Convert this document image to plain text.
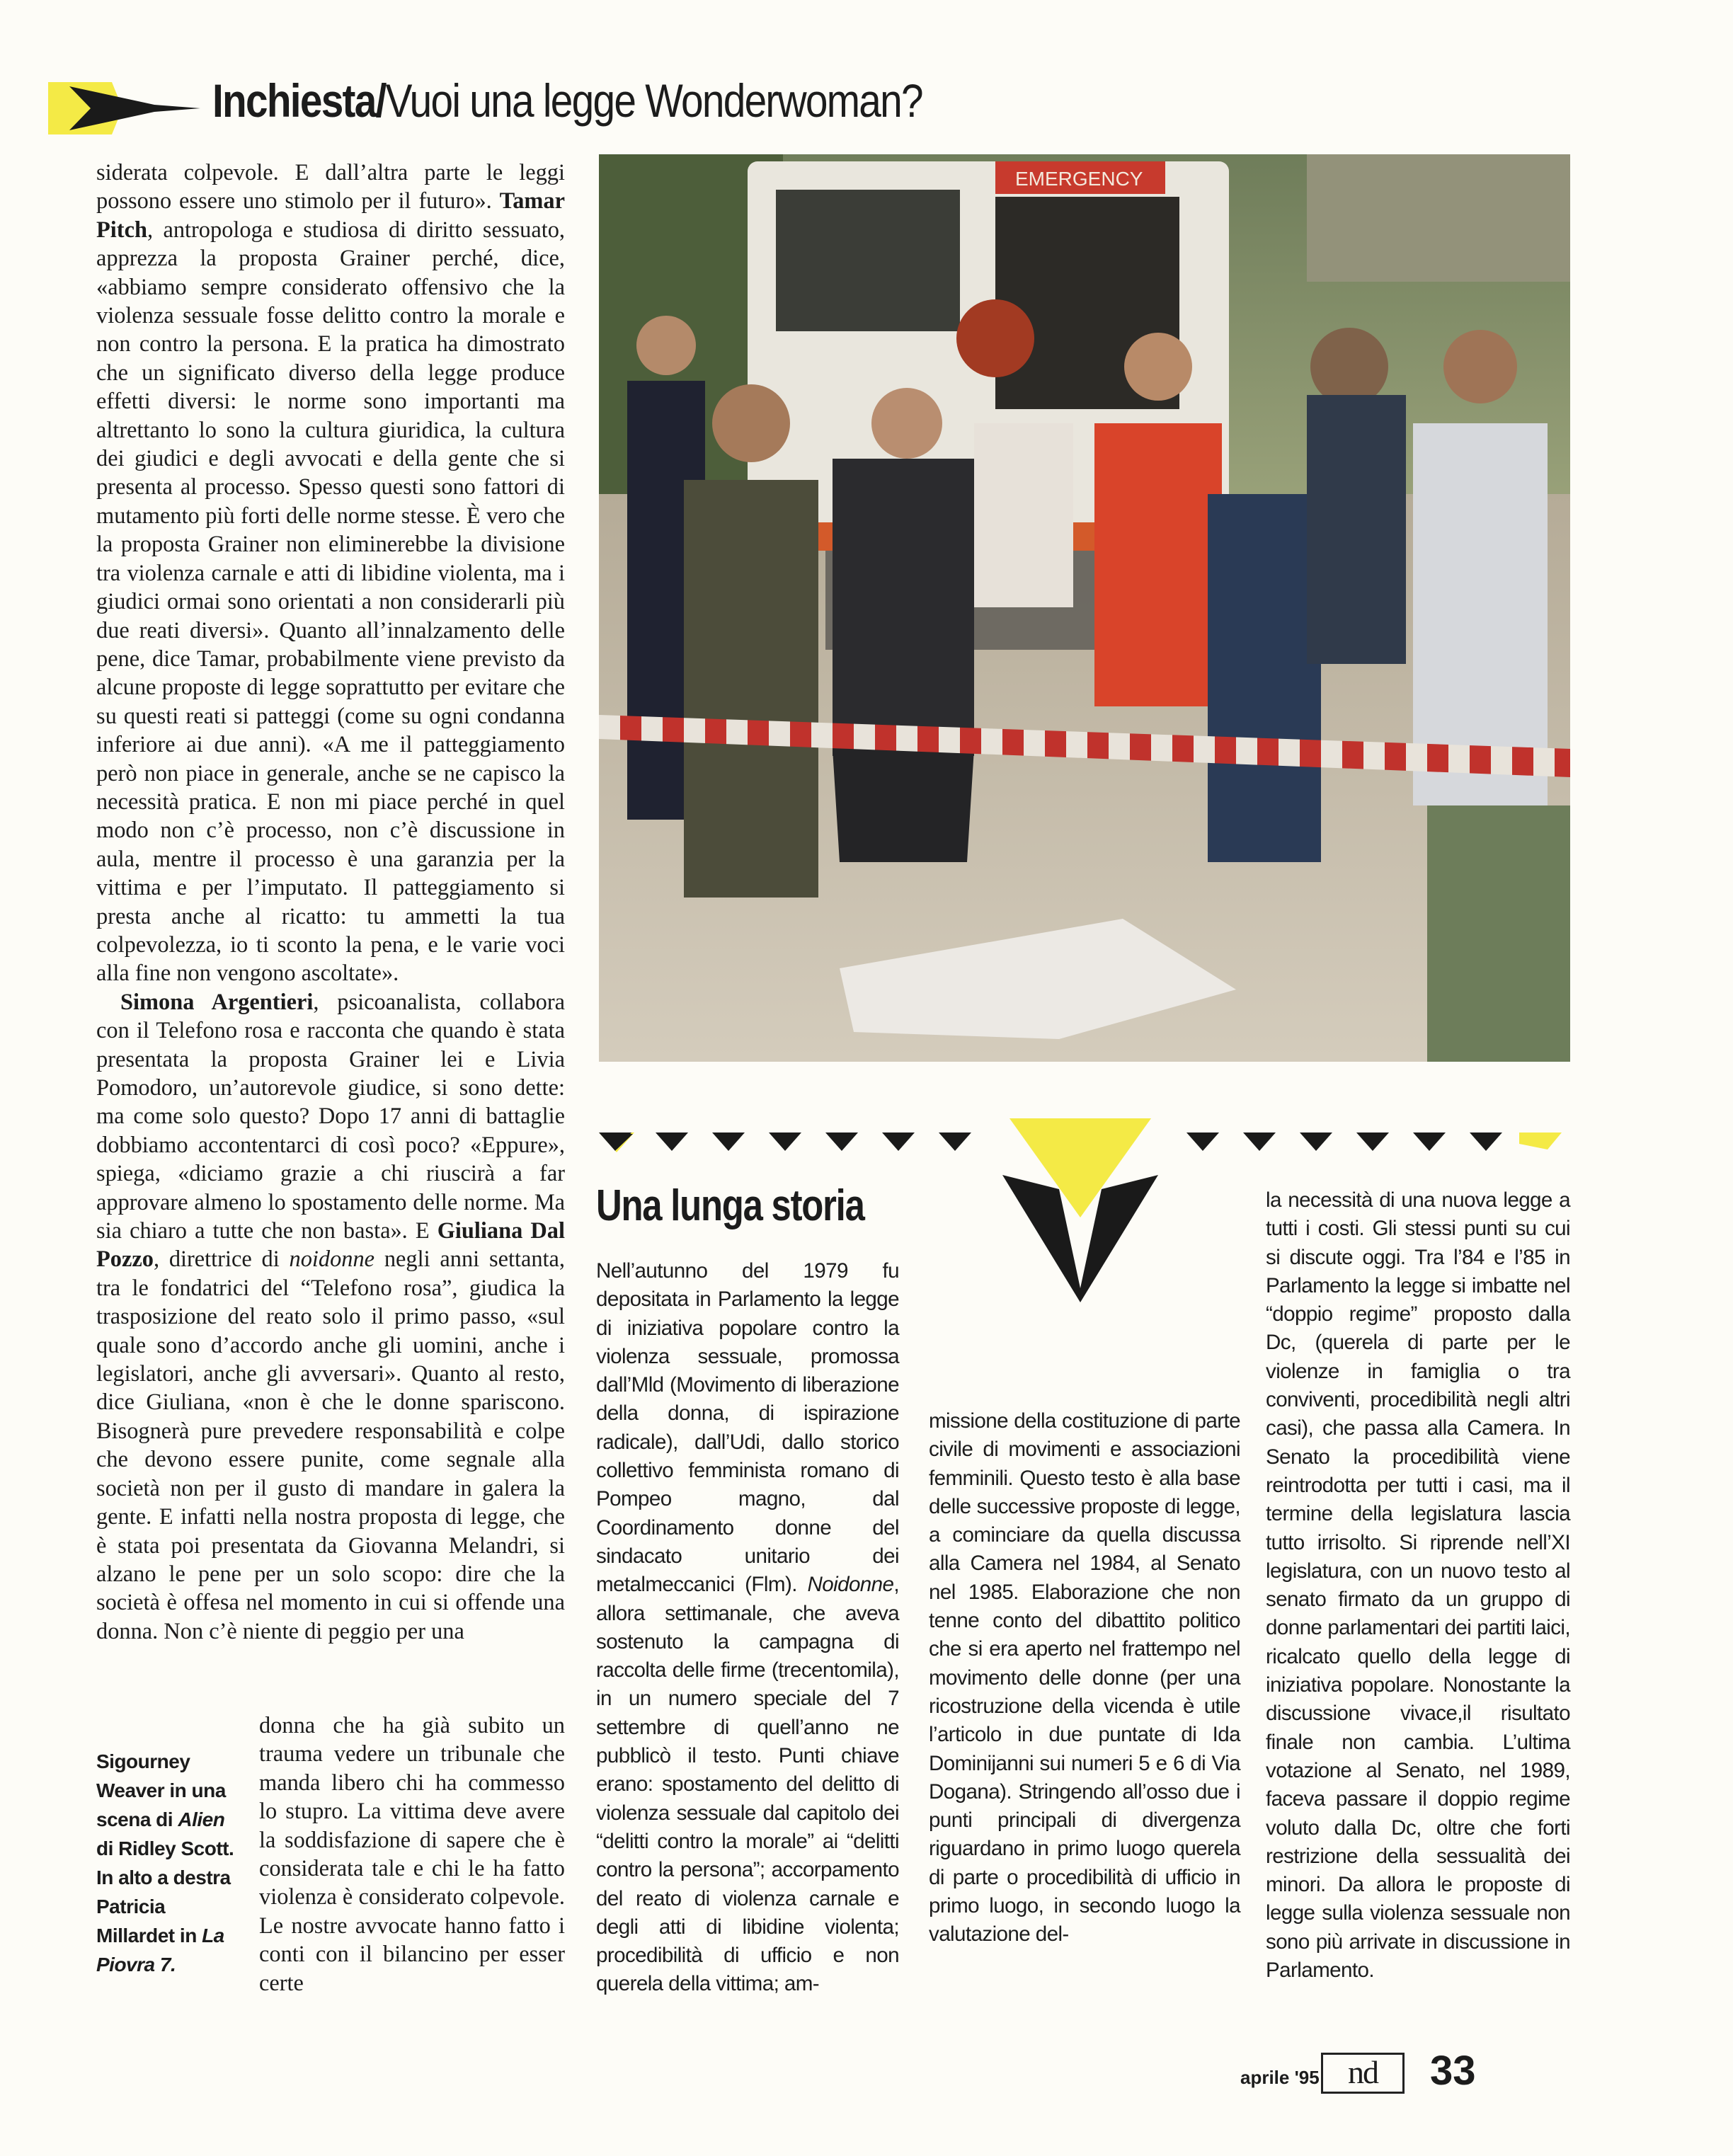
Inchiesta/Vuoi una legge Wonderwoman?

siderata colpevole. E dall’altra parte le leggi possono essere uno stimolo per il futuro». Tamar Pitch, antropologa e studiosa di diritto sessuato, apprezza la proposta Grainer perché, dice, «abbiamo sempre considerato offensivo che la violenza sessuale fosse delitto contro la morale e non contro la persona. E la pratica ha dimostrato che un significato diverso della legge produce effetti diversi: le norme sono importanti ma altrettanto lo sono la cultura giuridica, la cultura dei giudici e degli avvocati e della gente che si presenta al processo. Spesso questi sono fattori di mutamento più forti delle norme stesse. È vero che la proposta Grainer non eliminerebbe la divisione tra violenza carnale e atti di libidine violenta, ma i giudici ormai sono orientati a non considerarli più due reati diversi». Quanto all’innalzamento delle pene, dice Tamar, probabilmente viene previsto da alcune proposte di legge soprattutto per evitare che su questi reati si patteggi (come su ogni condanna inferiore ai due anni). «A me il patteggiamento però non piace in generale, anche se ne capisco la necessità pratica. E non mi piace perché in quel modo non c’è processo, non c’è discussione in aula, mentre il processo è una garanzia per la vittima e per l’imputato. Il patteggiamento si presta anche al ricatto: tu ammetti la tua colpevolezza, io ti sconto la pena, e le varie voci alla fine non vengono ascoltate».

Simona Argentieri, psicoanalista, collabora con il Telefono rosa e racconta che quando è stata presentata la proposta Grainer lei e Livia Pomodoro, un’autorevole giudice, si sono dette: ma come solo questo? Dopo 17 anni di battaglie dobbiamo accontentarci di così poco? «Eppure», spiega, «diciamo grazie a chi riuscirà a far approvare almeno lo spostamento delle norme. Ma sia chiaro a tutte che non basta». E Giuliana Dal Pozzo, direttrice di noidonne negli anni settanta, tra le fondatrici del “Telefono rosa”, giudica la trasposizione del reato solo il primo passo, «sul quale sono d’accordo anche gli uomini, anche i legislatori, anche gli avversari». Quanto al resto, dice Giuliana, «non è che le donne spariscono. Bisognerà pure prevedere responsabilità e colpe che devono essere punite, come segnale alla società non per il gusto di mandare in galera la gente. E infatti nella nostra proposta di legge, che è stata poi presentata da Giovanna Melandri, si alzano le pene per un solo scopo: dire che la società è offesa nel momento in cui si offende una donna. Non c’è niente di peggio per una

donna che ha già subito un trauma vedere un tribunale che manda libero chi ha commesso lo stupro. La vittima deve avere la soddisfazione di sapere che è considerata tale e chi le ha fatto violenza è considerato colpevole. Le nostre avvocate hanno fatto i conti con il bilancino per esser certe

Sigourney Weaver in una scena di Alien di Ridley Scott. In alto a destra Patricia Millardet in La Piovra 7.
EMERGENCY
Una lunga storia

Nell’autunno del 1979 fu depositata in Parlamento la legge di iniziativa popolare contro la violenza sessuale, promossa dall’Mld (Movimento di liberazione della donna, di ispirazione radicale), dall’Udi, dallo storico collettivo femminista romano di Pompeo magno, dal Coordinamento donne del sindacato unitario dei metalmeccanici (Flm). Noidonne, allora settimanale, che aveva sostenuto la campagna di raccolta delle firme (trecentomila), in un numero speciale del 7 settembre di quell’anno ne pubblicò il testo. Punti chiave erano: spostamento del delitto di violenza sessuale dal capitolo dei “delitti contro la morale” ai “delitti contro la persona”; accorpamento del reato di violenza carnale e degli atti di libidine violenta; procedibilità di ufficio e non querela della vittima; am-

missione della costituzione di parte civile di movimenti e associazioni femminili. Questo testo è alla base delle successive proposte di legge, a cominciare da quella discussa alla Camera nel 1984, al Senato nel 1985. Elaborazione che non tenne conto del dibattito politico che si era aperto nel frattempo nel movimento delle donne (per una ricostruzione della vicenda è utile l’articolo in due puntate di Ida Dominijanni sui numeri 5 e 6 di Via Dogana). Stringendo all’osso due i punti principali di divergenza riguardano in primo luogo querela di parte o procedibilità di ufficio in primo luogo, in secondo luogo la valutazione del-

la necessità di una nuova legge a tutti i costi. Gli stessi punti su cui si discute oggi. Tra l’84 e l’85 in Parlamento la legge si imbatte nel “doppio regime” proposto dalla Dc, (querela di parte per le violenze in famiglia o tra conviventi, procedibilità negli altri casi), che passa alla Camera. In Senato la procedibilità viene reintrodotta per tutti i casi, ma il termine della legislatura lascia tutto irrisolto. Si riprende nell’XI legislatura, con un nuovo testo al senato firmato da un gruppo di donne parlamentari dei partiti laici, ricalcato quello della legge di iniziativa popolare. Nonostante la discussione vivace,il risultato finale non cambia. L’ultima votazione al Senato, nel 1989, faceva passare il doppio regime voluto dalla Dc, oltre che forti restrizione della sessualità dei minori. Da allora le proposte di legge sulla violenza sessuale non sono più arrivate in discussione in Parlamento.

aprile '95 nd	33
